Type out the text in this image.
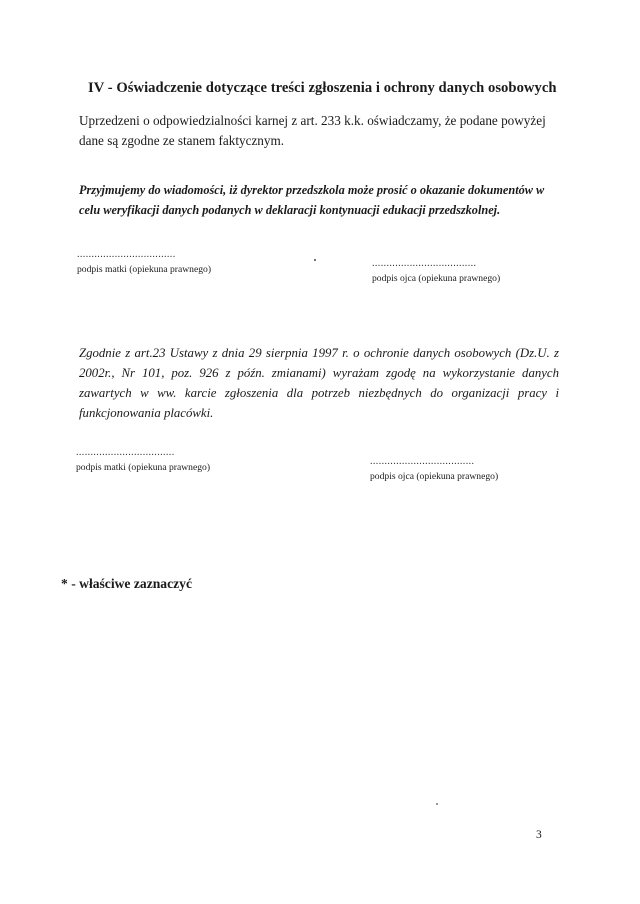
IV - Oświadczenie dotyczące treści zgłoszenia i ochrony danych osobowych
Uprzedzeni o odpowiedzialności karnej z art. 233 k.k. oświadczamy, że podane powyżej dane są zgodne ze stanem faktycznym.
Przyjmujemy do wiadomości, iż dyrektor przedszkola może prosić o okazanie dokumentów w celu weryfikacji danych podanych w deklaracji kontynuacji edukacji przedszkolnej.
..................................
podpis matki (opiekuna prawnego)
....................................
podpis ojca (opiekuna prawnego)
Zgodnie z art.23 Ustawy z dnia 29 sierpnia 1997 r. o ochronie danych osobowych (Dz.U. z 2002r., Nr 101, poz. 926 z późn. zmianami) wyrażam zgodę na wykorzystanie danych zawartych w ww. karcie zgłoszenia dla potrzeb niezbędnych do organizacji pracy i funkcjonowania placówki.
..................................
podpis matki (opiekuna prawnego)
....................................
podpis ojca (opiekuna prawnego)
* - właściwe zaznaczyć
3
